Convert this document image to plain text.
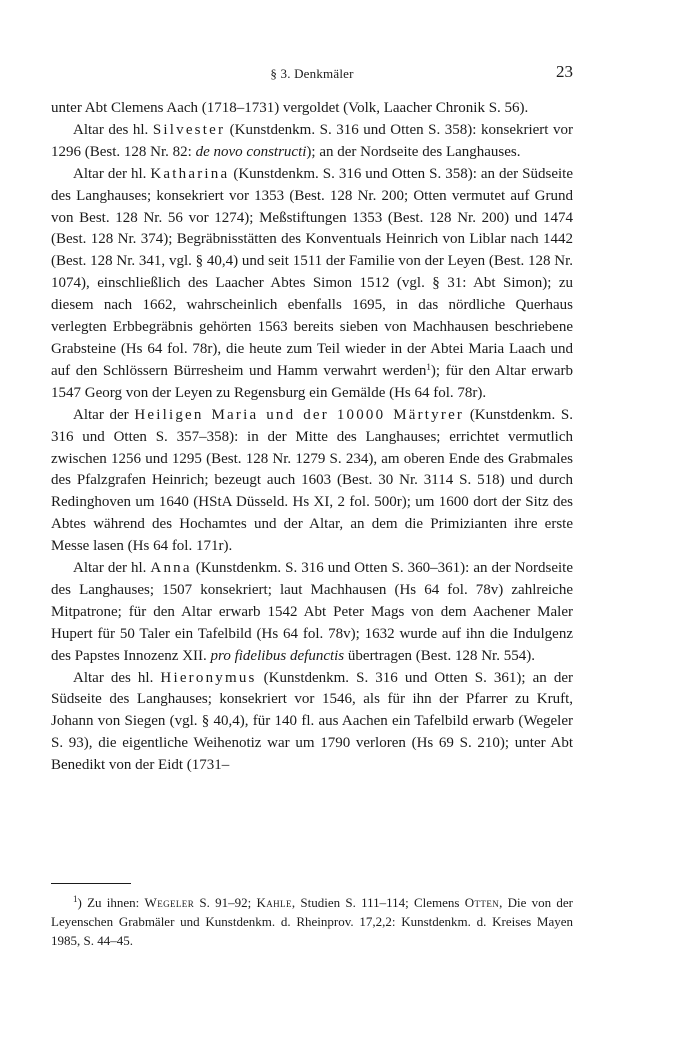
§ 3. Denkmäler	23

unter Abt Clemens Aach (1718–1731) vergoldet (Volk, Laacher Chronik S. 56).

Altar des hl. Silvester (Kunstdenkm. S. 316 und Otten S. 358): konsekriert vor 1296 (Best. 128 Nr. 82: de novo constructi); an der Nordseite des Langhauses.

Altar der hl. Katharina (Kunstdenkm. S. 316 und Otten S. 358): an der Südseite des Langhauses; konsekriert vor 1353 (Best. 128 Nr. 200; Otten vermutet auf Grund von Best. 128 Nr. 56 vor 1274); Meßstiftungen 1353 (Best. 128 Nr. 200) und 1474 (Best. 128 Nr. 374); Begräbnisstätten des Konventuals Heinrich von Liblar nach 1442 (Best. 128 Nr. 341, vgl. § 40,4) und seit 1511 der Familie von der Leyen (Best. 128 Nr. 1074), einschließlich des Laacher Abtes Simon 1512 (vgl. § 31: Abt Simon); zu diesem nach 1662, wahrscheinlich ebenfalls 1695, in das nördliche Querhaus verlegten Erbbegräbnis gehörten 1563 bereits sieben von Machhausen beschriebene Grabsteine (Hs 64 fol. 78r), die heute zum Teil wieder in der Abtei Maria Laach und auf den Schlössern Bürresheim und Hamm verwahrt werden$^1$); für den Altar erwarb 1547 Georg von der Leyen zu Regensburg ein Gemälde (Hs 64 fol. 78r).

Altar der Heiligen Maria und der 10000 Märtyrer (Kunstdenkm. S. 316 und Otten S. 357–358): in der Mitte des Langhauses; errichtet vermutlich zwischen 1256 und 1295 (Best. 128 Nr. 1279 S. 234), am oberen Ende des Grabmales des Pfalzgrafen Heinrich; bezeugt auch 1603 (Best. 30 Nr. 3114 S. 518) und durch Redinghoven um 1640 (HStA Düsseld. Hs XI, 2 fol. 500r); um 1600 dort der Sitz des Abtes während des Hochamtes und der Altar, an dem die Primizianten ihre erste Messe lasen (Hs 64 fol. 171r).

Altar der hl. Anna (Kunstdenkm. S. 316 und Otten S. 360–361): an der Nordseite des Langhauses; 1507 konsekriert; laut Machhausen (Hs 64 fol. 78v) zahlreiche Mitpatrone; für den Altar erwarb 1542 Abt Peter Mags von dem Aachener Maler Hupert für 50 Taler ein Tafelbild (Hs 64 fol. 78v); 1632 wurde auf ihn die Indulgenz des Papstes Innozenz XII. pro fidelibus defunctis übertragen (Best. 128 Nr. 554).

Altar des hl. Hieronymus (Kunstdenkm. S. 316 und Otten S. 361); an der Südseite des Langhauses; konsekriert vor 1546, als für ihn der Pfarrer zu Kruft, Johann von Siegen (vgl. § 40,4), für 140 fl. aus Aachen ein Tafelbild erwarb (Wegeler S. 93), die eigentliche Weihenotiz war um 1790 verloren (Hs 69 S. 210); unter Abt Benedikt von der Eidt (1731–

$^1$) Zu ihnen: Wegeler S. 91–92; Kahle, Studien S. 111–114; Clemens Otten, Die von der Leyenschen Grabmäler und Kunstdenkm. d. Rheinprov. 17,2,2: Kunstdenkm. d. Kreises Mayen 1985, S. 44–45.
